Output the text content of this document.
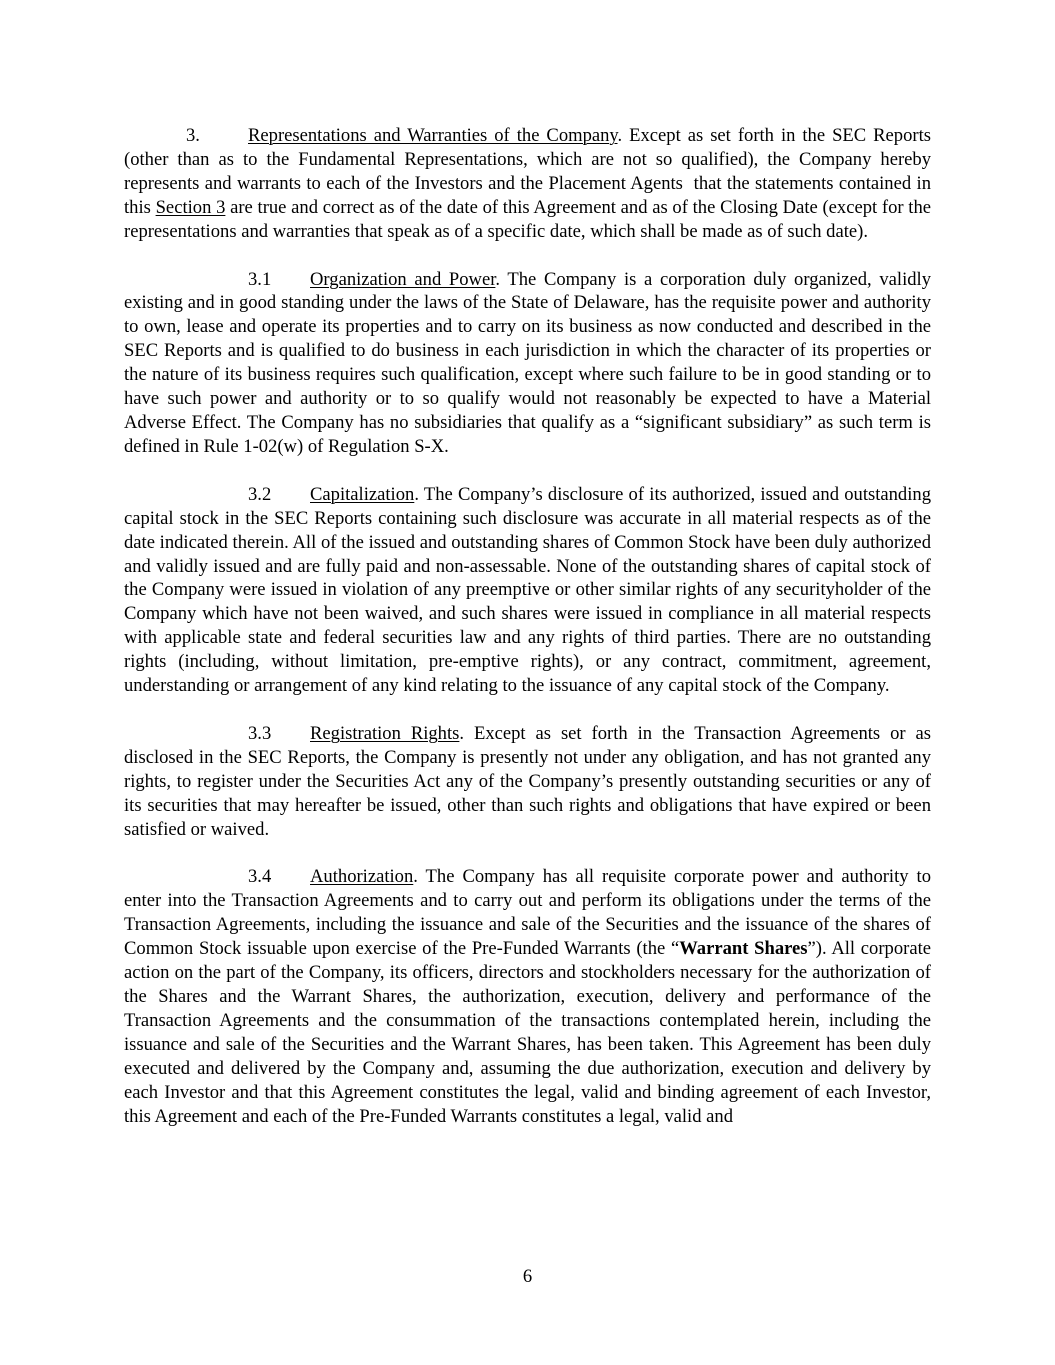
3.	Representations and Warranties of the Company. Except as set forth in the SEC Reports (other than as to the Fundamental Representations, which are not so qualified), the Company hereby represents and warrants to each of the Investors and the Placement Agents  that the statements contained in this Section 3 are true and correct as of the date of this Agreement and as of the Closing Date (except for the representations and warranties that speak as of a specific date, which shall be made as of such date).

3.1 Organization and Power. The Company is a corporation duly organized, validly existing and in good standing under the laws of the State of Delaware, has the requisite power and authority to own, lease and operate its properties and to carry on its business as now conducted and described in the SEC Reports and is qualified to do business in each jurisdiction in which the character of its properties or the nature of its business requires such qualification, except where such failure to be in good standing or to have such power and authority or to so qualify would not reasonably be expected to have a Material Adverse Effect. The Company has no subsidiaries that qualify as a “significant subsidiary” as such term is defined in Rule 1-02(w) of Regulation S-X.

3.2 Capitalization. The Company’s disclosure of its authorized, issued and outstanding capital stock in the SEC Reports containing such disclosure was accurate in all material respects as of the date indicated therein. All of the issued and outstanding shares of Common Stock have been duly authorized and validly issued and are fully paid and non-assessable. None of the outstanding shares of capital stock of the Company were issued in violation of any preemptive or other similar rights of any securityholder of the Company which have not been waived, and such shares were issued in compliance in all material respects with applicable state and federal securities law and any rights of third parties. There are no outstanding rights (including, without limitation, pre-emptive rights), or any contract, commitment, agreement, understanding or arrangement of any kind relating to the issuance of any capital stock of the Company.

3.3 Registration Rights. Except as set forth in the Transaction Agreements or as disclosed in the SEC Reports, the Company is presently not under any obligation, and has not granted any rights, to register under the Securities Act any of the Company’s presently outstanding securities or any of its securities that may hereafter be issued, other than such rights and obligations that have expired or been satisfied or waived.

3.4 Authorization. The Company has all requisite corporate power and authority to enter into the Transaction Agreements and to carry out and perform its obligations under the terms of the Transaction Agreements, including the issuance and sale of the Securities and the issuance of the shares of Common Stock issuable upon exercise of the Pre-Funded Warrants (the “Warrant Shares”). All corporate action on the part of the Company, its officers, directors and stockholders necessary for the authorization of the Shares and the Warrant Shares, the authorization, execution, delivery and performance of the Transaction Agreements and the consummation of the transactions contemplated herein, including the issuance and sale of the Securities and the Warrant Shares, has been taken. This Agreement has been duly executed and delivered by the Company and, assuming the due authorization, execution and delivery by each Investor and that this Agreement constitutes the legal, valid and binding agreement of each Investor, this Agreement and each of the Pre-Funded Warrants constitutes a legal, valid and

6
